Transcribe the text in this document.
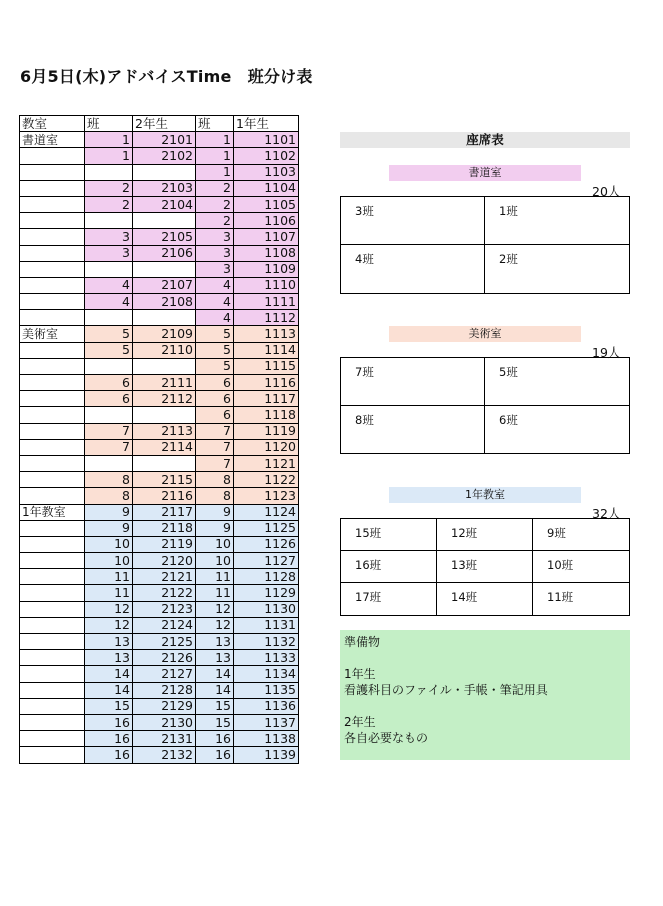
6月5日(木)アドバイスTime　班分け表
教室	班	2年生	班	1年生
書道室	1	2101	1	1101
	1	2102	1	1102
			1	1103
	2	2103	2	1104
	2	2104	2	1105
			2	1106
	3	2105	3	1107
	3	2106	3	1108
			3	1109
	4	2107	4	1110
	4	2108	4	1111
			4	1112
美術室	5	2109	5	1113
	5	2110	5	1114
			5	1115
	6	2111	6	1116
	6	2112	6	1117
			6	1118
	7	2113	7	1119
	7	2114	7	1120
			7	1121
	8	2115	8	1122
	8	2116	8	1123
1年教室	9	2117	9	1124
	9	2118	9	1125
	10	2119	10	1126
	10	2120	10	1127
	11	2121	11	1128
	11	2122	11	1129
	12	2123	12	1130
	12	2124	12	1131
	13	2125	13	1132
	13	2126	13	1133
	14	2127	14	1134
	14	2128	14	1135
	15	2129	15	1136
	16	2130	15	1137
	16	2131	16	1138
	16	2132	16	1139
座席表
書道室
20人
3班	1班
4班	2班
美術室
19人
7班	5班
8班	6班
1年教室
32人
15班	12班	9班
16班	13班	10班
17班	14班	11班
準備物
1年生
看護科目のファイル・手帳・筆記用具
2年生
各自必要なもの
